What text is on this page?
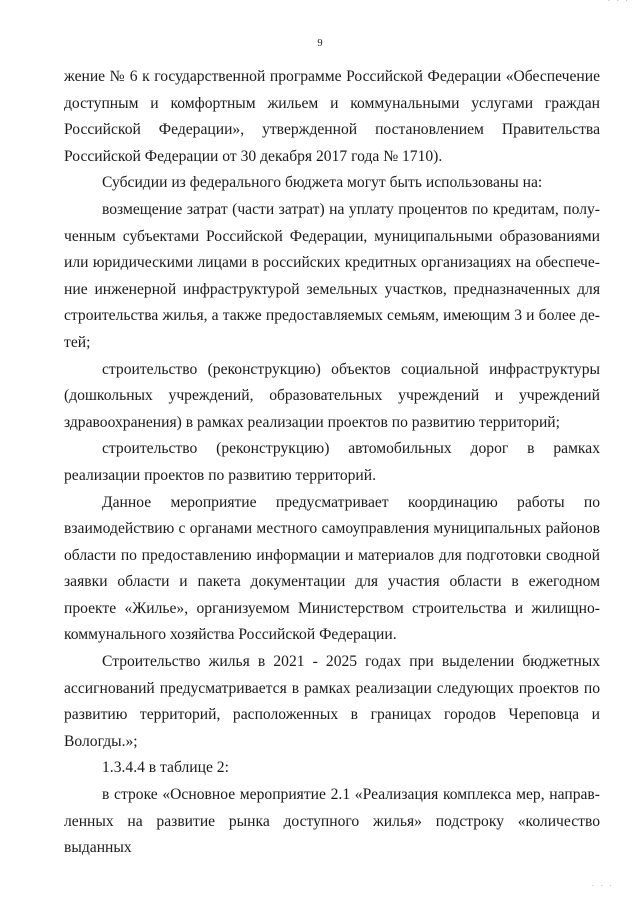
· · ·
9

жение № 6 к государственной программе Российской Федерации «Обеспечение доступным и комфортным жильем и коммунальными услугами граждан Российской Федерации», утвержденной постановлением Правительства Российской Федерации от 30 декабря 2017 года № 1710).

Субсидии из федерального бюджета могут быть использованы на:

возмещение затрат (части затрат) на уплату процентов по кредитам, полученным субъектами Российской Федерации, муниципальными образованиями или юридическими лицами в российских кредитных организациях на обеспечение инженерной инфраструктурой земельных участков, предназначенных для строительства жилья, а также предоставляемых семьям, имеющим 3 и более детей;

строительство (реконструкцию) объектов социальной инфраструктуры (дошкольных учреждений, образовательных учреждений и учреждений здравоохранения) в рамках реализации проектов по развитию территорий;

строительство (реконструкцию) автомобильных дорог в рамках реализации проектов по развитию территорий.

Данное мероприятие предусматривает координацию работы по взаимодействию с органами местного самоуправления муниципальных районов области по предоставлению информации и материалов для подготовки сводной заявки области и пакета документации для участия области в ежегодном проекте «Жилье», организуемом Министерством строительства и жилищно-коммунального хозяйства Российской Федерации.

Строительство жилья в 2021 - 2025 годах при выделении бюджетных ассигнований предусматривается в рамках реализации следующих проектов по развитию территорий, расположенных в границах городов Череповца и Вологды.»;

1.3.4.4 в таблице 2:

в строке «Основное мероприятие 2.1 «Реализация комплекса мер, направленных на развитие рынка доступного жилья» подстроку «количество выданных

· · ·
